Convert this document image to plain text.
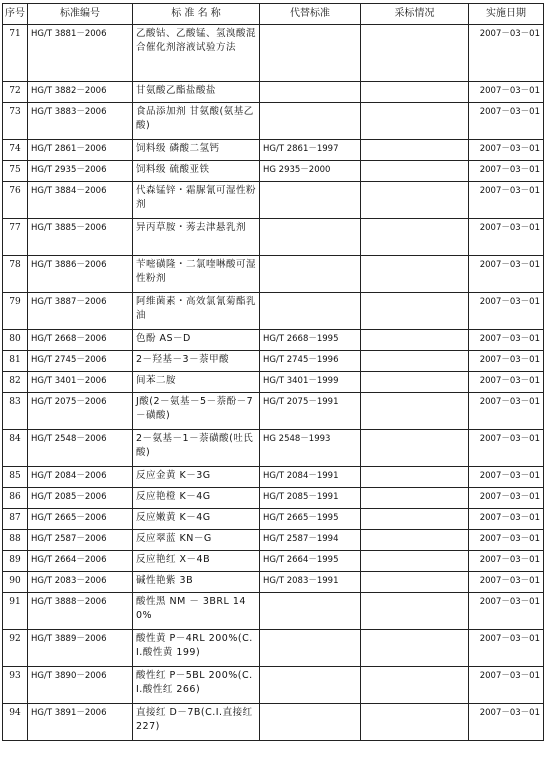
序号	标准编号	标 准 名 称	代替标准	采标情况	实施日期
71	HG/T 3881－2006	乙酸钴、乙酸锰、氢溴酸混合催化剂溶液试验方法			2007－03－01
72	HG/T 3882－2006	甘氨酸乙酯盐酸盐			2007－03－01
73	HG/T 3883－2006	食品添加剂 甘氨酸(氨基乙酸)			2007－03－01
74	HG/T 2861－2006	饲料级 磷酸二氢钙	HG/T 2861－1997		2007－03－01
75	HG/T 2935－2006	饲料级 硫酸亚铁	HG 2935－2000		2007－03－01
76	HG/T 3884－2006	代森锰锌・霜脲氰可湿性粉剂			2007－03－01
77	HG/T 3885－2006	异丙草胺・莠去津悬乳剂			2007－03－01
78	HG/T 3886－2006	苄嘧磺隆・二氯喹啉酸可湿性粉剂			2007－03－01
79	HG/T 3887－2006	阿维菌素・高效氯氰菊酯乳油			2007－03－01
80	HG/T 2668－2006	色酚 AS－D	HG/T 2668－1995		2007－03－01
81	HG/T 2745－2006	2－羟基－3－萘甲酸	HG/T 2745－1996		2007－03－01
82	HG/T 3401－2006	间苯二胺	HG/T 3401－1999		2007－03－01
83	HG/T 2075－2006	J酸(2－氨基－5－萘酚－7－磺酸)	HG/T 2075－1991		2007－03－01
84	HG/T 2548－2006	2－氨基－1－萘磺酸(吐氏酸)	HG 2548－1993		2007－03－01
85	HG/T 2084－2006	反应金黄 K－3G	HG/T 2084－1991		2007－03－01
86	HG/T 2085－2006	反应艳橙 K－4G	HG/T 2085－1991		2007－03－01
87	HG/T 2665－2006	反应嫩黄 K－4G	HG/T 2665－1995		2007－03－01
88	HG/T 2587－2006	反应翠蓝 KN－G	HG/T 2587－1994		2007－03－01
89	HG/T 2664－2006	反应艳红 X－4B	HG/T 2664－1995		2007－03－01
90	HG/T 2083－2006	碱性艳紫 3B	HG/T 2083－1991		2007－03－01
91	HG/T 3888－2006	酸性黑 NM － 3BRL 140%			2007－03－01
92	HG/T 3889－2006	酸性黄 P－4RL 200%(C.I.酸性黄 199)			2007－03－01
93	HG/T 3890－2006	酸性红 P－5BL 200%(C.I.酸性红 266)			2007－03－01
94	HG/T 3891－2006	直接红 D－7B(C.I.直接红 227)			2007－03－01
